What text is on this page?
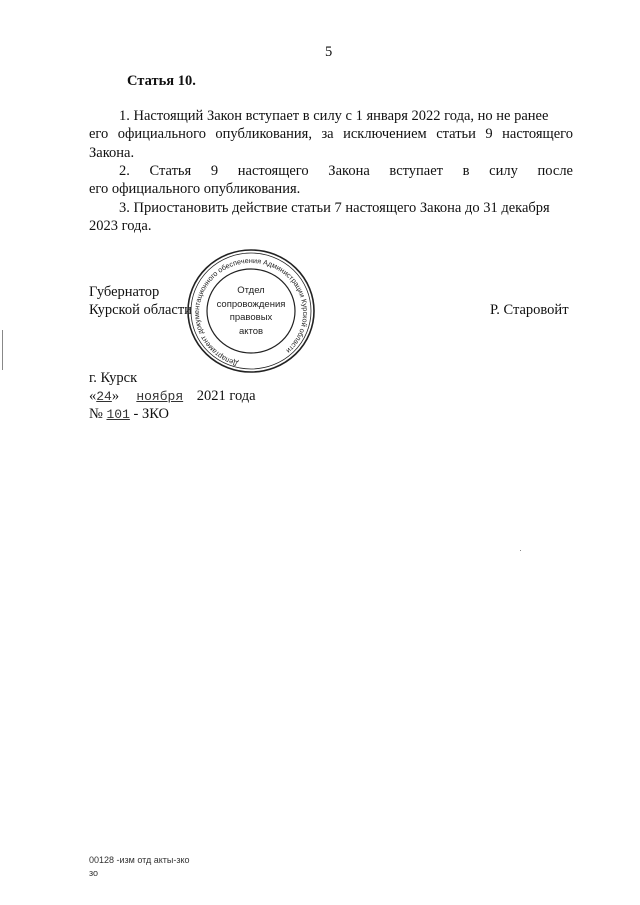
5
Статья 10.
1. Настоящий Закон вступает в силу с 1 января 2022 года, но не ранее
его официального опубликования, за исключением статьи 9 настоящего
Закона.
2. Статья 9 настоящего Закона вступает в силу после
его официального опубликования.
3. Приостановить действие статьи 7 настоящего Закона до 31 декабря
2023 года.
Губернатор
Курской области	Р. Старовойт
Департамент документационного обеспечения Администрации Курской области
Отдел
сопровождения
правовых
актов
г. Курск
«24» ноября 2021 года
№ 101 - ЗКО
00128 -изм отд акты-зко
зо
